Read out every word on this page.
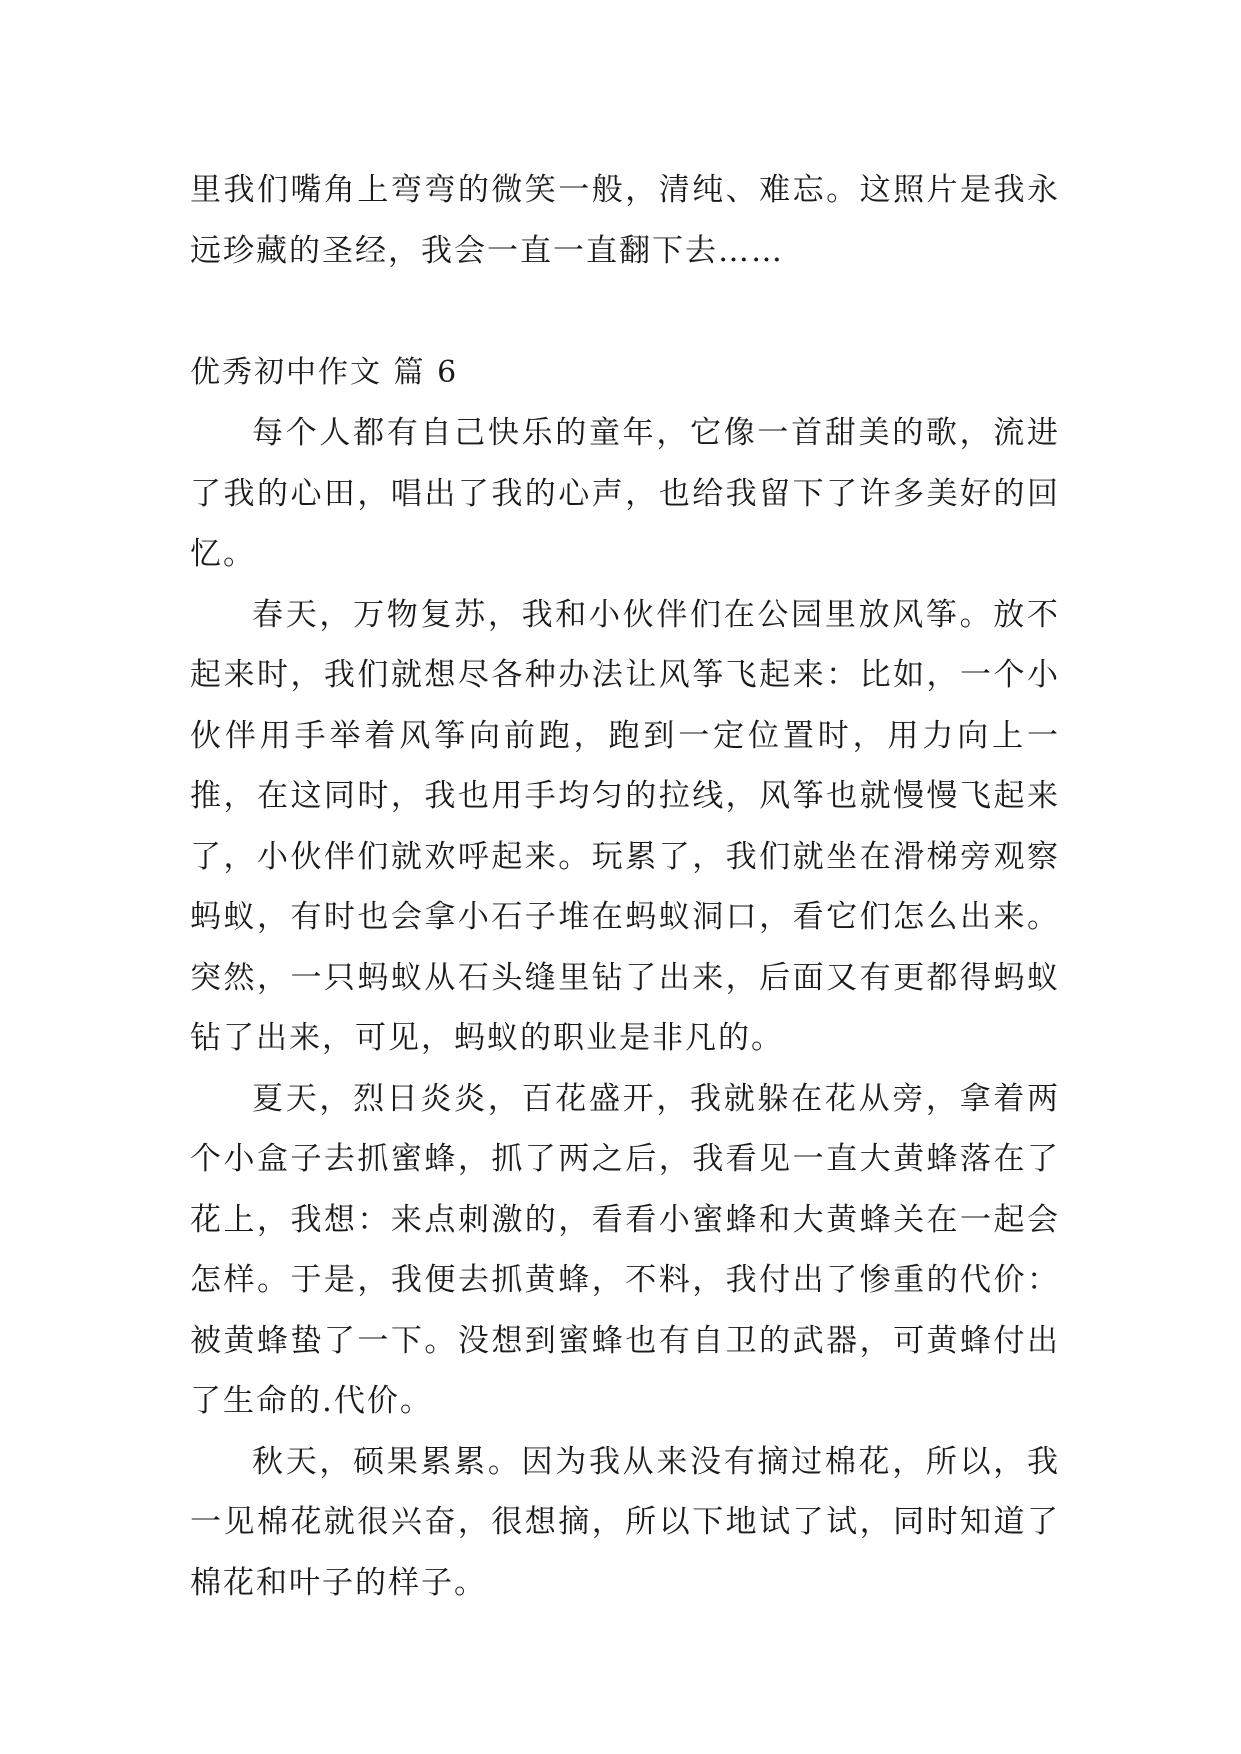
里我们嘴角上弯弯的微笑一般，清纯、难忘。这照片是我永远珍藏的圣经，我会一直一直翻下去……

优秀初中作文 篇 6

每个人都有自己快乐的童年，它像一首甜美的歌，流进了我的心田，唱出了我的心声，也给我留下了许多美好的回忆。

春天，万物复苏，我和小伙伴们在公园里放风筝。放不起来时，我们就想尽各种办法让风筝飞起来：比如，一个小伙伴用手举着风筝向前跑，跑到一定位置时，用力向上一推，在这同时，我也用手均匀的拉线，风筝也就慢慢飞起来了，小伙伴们就欢呼起来。玩累了，我们就坐在滑梯旁观察蚂蚁，有时也会拿小石子堆在蚂蚁洞口，看它们怎么出来。突然，一只蚂蚁从石头缝里钻了出来，后面又有更都得蚂蚁钻了出来，可见，蚂蚁的职业是非凡的。

夏天，烈日炎炎，百花盛开，我就躲在花从旁，拿着两个小盒子去抓蜜蜂，抓了两之后，我看见一直大黄蜂落在了花上，我想：来点刺激的，看看小蜜蜂和大黄蜂关在一起会怎样。于是，我便去抓黄蜂，不料，我付出了惨重的代价：被黄蜂蛰了一下。没想到蜜蜂也有自卫的武器，可黄蜂付出了生命的.代价。

秋天，硕果累累。因为我从来没有摘过棉花，所以，我一见棉花就很兴奋，很想摘，所以下地试了试，同时知道了棉花和叶子的样子。
